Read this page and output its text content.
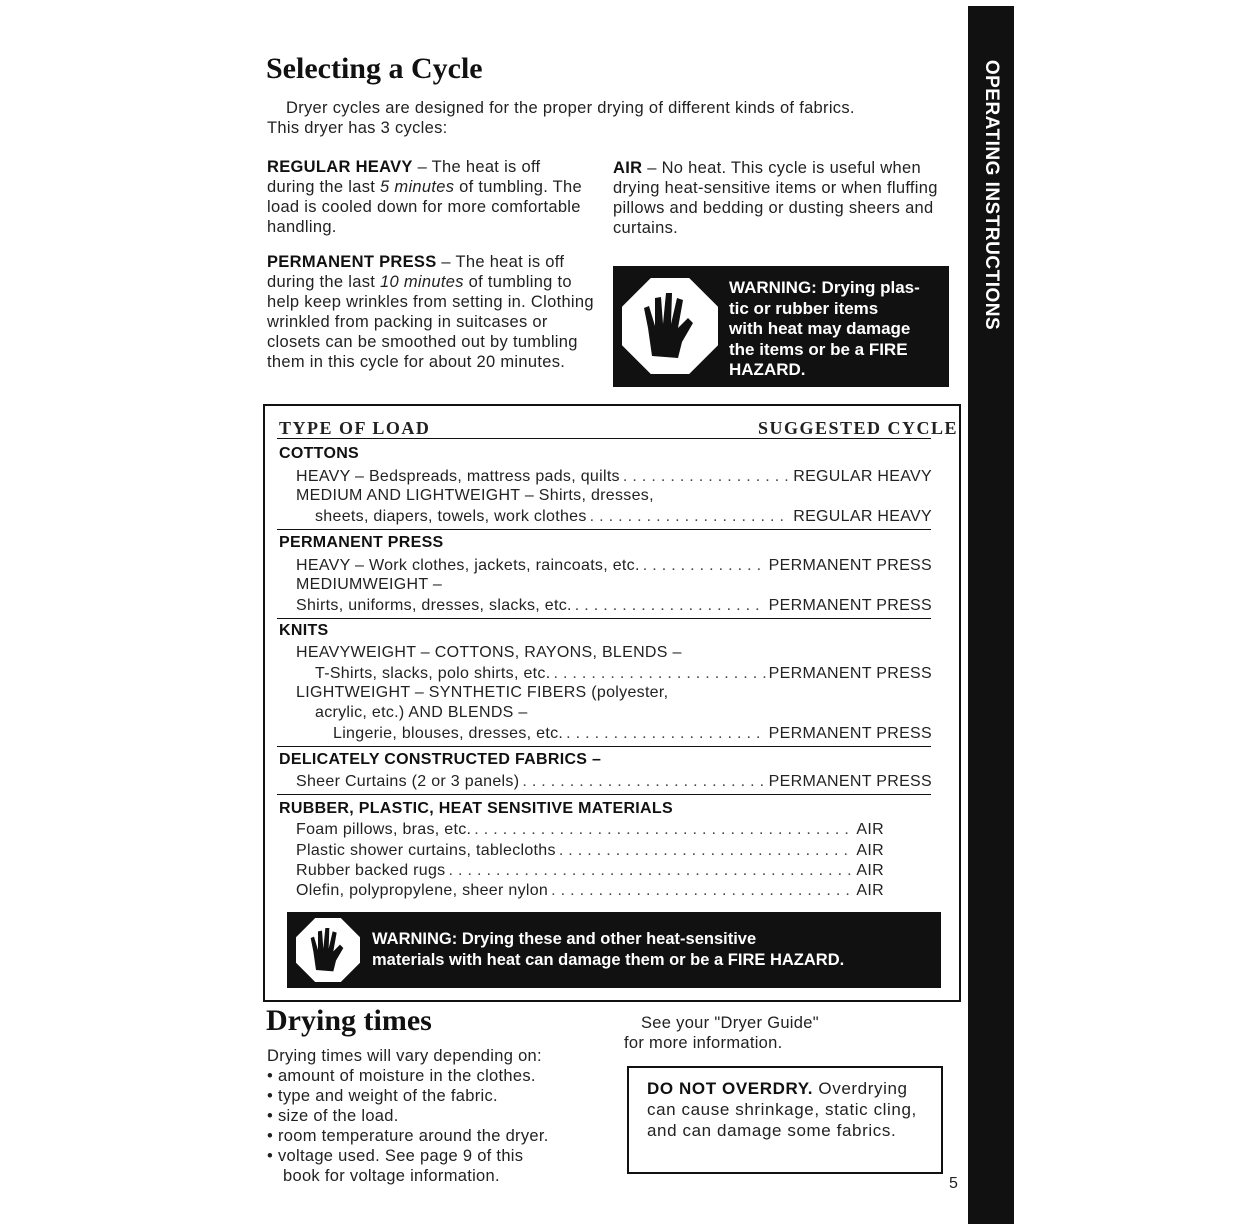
OPERATING INSTRUCTIONS
Selecting a Cycle

Dryer cycles are designed for the proper drying of different kinds of fabrics. This dryer has 3 cycles:

REGULAR HEAVY – The heat is off during the last 5 minutes of tumbling. The load is cooled down for more comfortable handling.

PERMANENT PRESS – The heat is off during the last 10 minutes of tumbling to help keep wrinkles from setting in. Clothing wrinkled from packing in suitcases or closets can be smoothed out by tumbling them in this cycle for about 20 minutes.

AIR – No heat. This cycle is useful when drying heat-sensitive items or when fluffing pillows and bedding or dusting sheers and curtains.

WARNING: Drying plas-
tic or rubber items
with heat may damage
the items or be a FIRE
HAZARD.
TYPE OF LOAD	SUGGESTED CYCLE
COTTONS
HEAVY – Bedspreads, mattress pads, quilts . . .	REGULAR HEAVY
MEDIUM AND LIGHTWEIGHT – Shirts, dresses,
sheets, diapers, towels, work clothes . . .	REGULAR HEAVY
PERMANENT PRESS
HEAVY – Work clothes, jackets, raincoats, etc. . . .	PERMANENT PRESS
MEDIUMWEIGHT –
Shirts, uniforms, dresses, slacks, etc. . . .	PERMANENT PRESS
KNITS
HEAVYWEIGHT – COTTONS, RAYONS, BLENDS –
T-Shirts, slacks, polo shirts, etc. . . .	PERMANENT PRESS
LIGHTWEIGHT – SYNTHETIC FIBERS (polyester,
acrylic, etc.) AND BLENDS –
Lingerie, blouses, dresses, etc. . . .	PERMANENT PRESS
DELICATELY CONSTRUCTED FABRICS –
Sheer Curtains (2 or 3 panels) . . .	PERMANENT PRESS
RUBBER, PLASTIC, HEAT SENSITIVE MATERIALS
Foam pillows, bras, etc. . . .	AIR
Plastic shower curtains, tablecloths . . .	AIR
Rubber backed rugs . . .	AIR
Olefin, polypropylene, sheer nylon . . .	AIR
WARNING: Drying these and other heat-sensitive
materials with heat can damage them or be a FIRE HAZARD.
Drying times
Drying times will vary depending on:
• amount of moisture in the clothes.
• type and weight of the fabric.
• size of the load.
• room temperature around the dryer.
• voltage used. See page 9 of this
book for voltage information.
See your "Dryer Guide"
for more information.
DO NOT OVERDRY. Overdrying can cause shrinkage, static cling, and can damage some fabrics.
5
